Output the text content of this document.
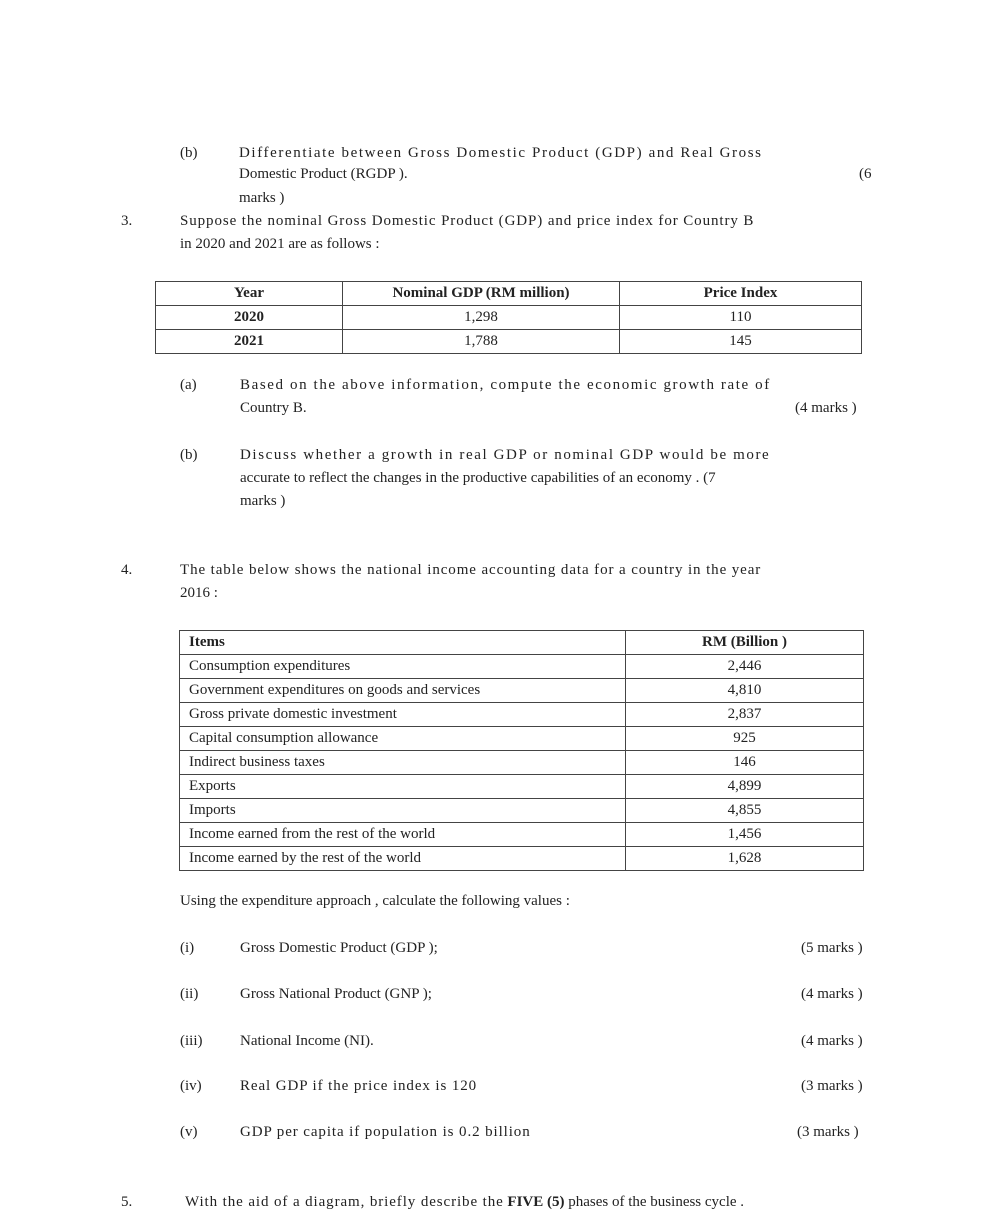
(b)	Differentiate between Gross Domestic Product (GDP) and Real Gross
Domestic Product (RGDP ).	(6
marks )
3.	Suppose the nominal Gross Domestic Product (GDP) and price index for Country B
in 2020 and 2021 are as follows :
Year	Nominal GDP (RM million)	Price Index
2020	1,298	110
2021	1,788	145
(a)	Based on the above information, compute the economic growth rate of
Country B.	(4 marks )
(b)	Discuss whether a growth in real GDP or nominal GDP would be more
accurate to reflect the changes in the productive capabilities of an economy . (7
marks )
4.	The table below shows the national income accounting data for a country in the year
2016 :
Items	RM (Billion )
Consumption expenditures	2,446
Government expenditures on goods and services	4,810
Gross private domestic investment	2,837
Capital consumption allowance	925
Indirect business taxes	146
Exports	4,899
Imports	4,855
Income earned from the rest of the world	1,456
Income earned by the rest of the world	1,628
Using the expenditure approach , calculate the following values :
(i)	Gross Domestic Product (GDP );	(5 marks )
(ii)	Gross National Product (GNP );	(4 marks )
(iii)	National Income (NI).	(4 marks )
(iv)	Real GDP if the price index is 120	(3 marks )
(v)	GDP per capita if population is 0.2 billion	(3 marks )
5.	With the aid of a diagram, briefly describe the FIVE (5) phases of the business cycle .
